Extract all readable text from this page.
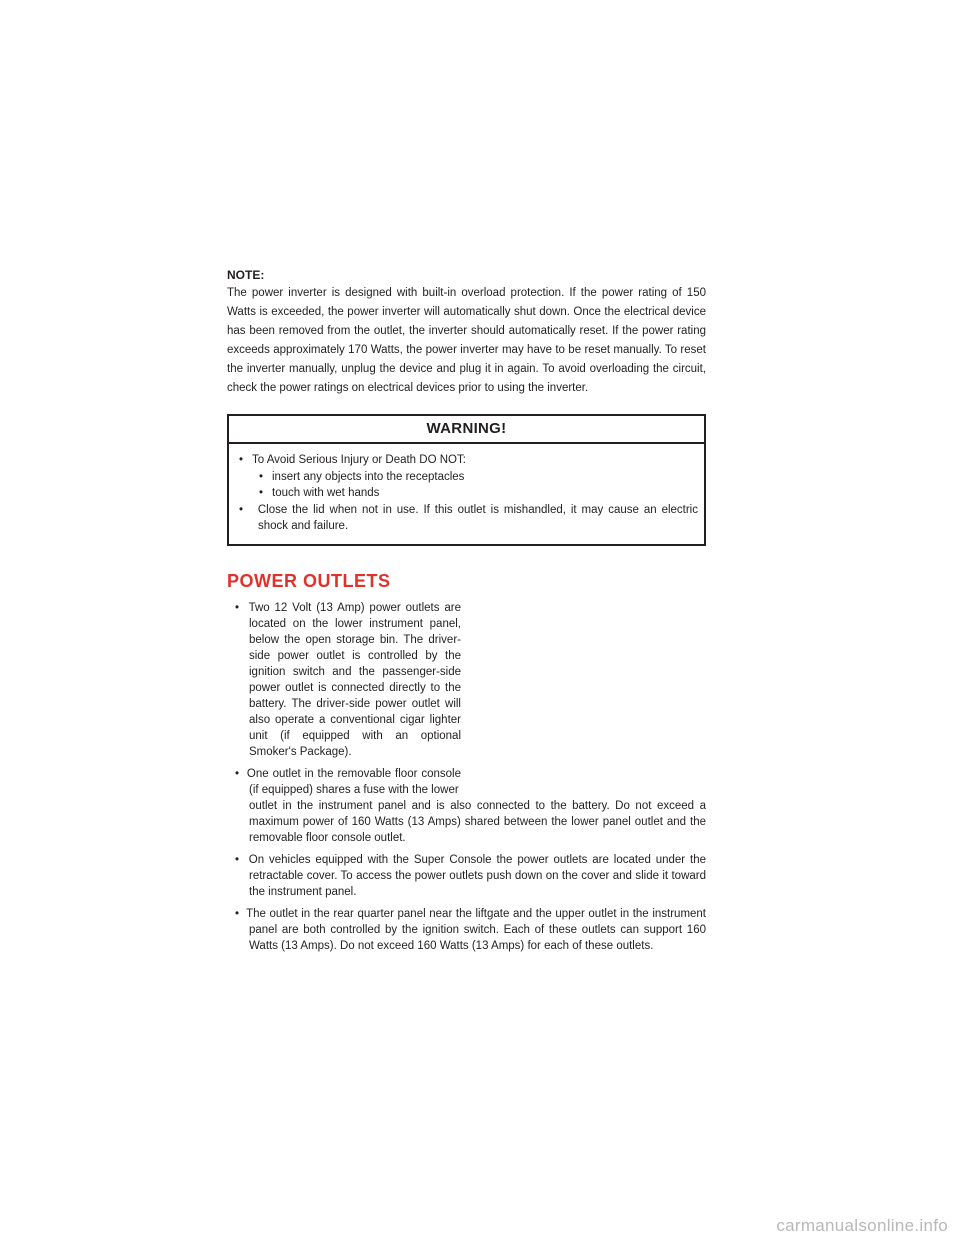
NOTE:

The power inverter is designed with built-in overload protection. If the power rating of 150 Watts is exceeded, the power inverter will automatically shut down. Once the electrical device has been removed from the outlet, the inverter should automatically reset. If the power rating exceeds approximately 170 Watts, the power inverter may have to be reset manually. To reset the inverter manually, unplug the device and plug it in again. To avoid overloading the circuit, check the power ratings on electrical devices prior to using the inverter.

WARNING!
• To Avoid Serious Injury or Death DO NOT:
• insert any objects into the receptacles
• touch with wet hands
• Close the lid when not in use. If this outlet is mishandled, it may cause an electric shock and failure.
POWER OUTLETS
• Two 12 Volt (13 Amp) power outlets are located on the lower instrument panel, below the open storage bin. The driver-side power outlet is controlled by the ignition switch and the passenger-side power outlet is connected directly to the battery. The driver-side power outlet will also operate a conventional cigar lighter unit (if equipped with an optional Smoker's Package).
• One outlet in the removable floor console (if equipped) shares a fuse with the lower
outlet in the instrument panel and is also connected to the battery. Do not exceed a maximum power of 160 Watts (13 Amps) shared between the lower panel outlet and the removable floor console outlet.
• On vehicles equipped with the Super Console the power outlets are located under the retractable cover. To access the power outlets push down on the cover and slide it toward the instrument panel.
• The outlet in the rear quarter panel near the liftgate and the upper outlet in the instrument panel are both controlled by the ignition switch. Each of these outlets can support 160 Watts (13 Amps). Do not exceed 160 Watts (13 Amps) for each of these outlets.
carmanualsonline.info
